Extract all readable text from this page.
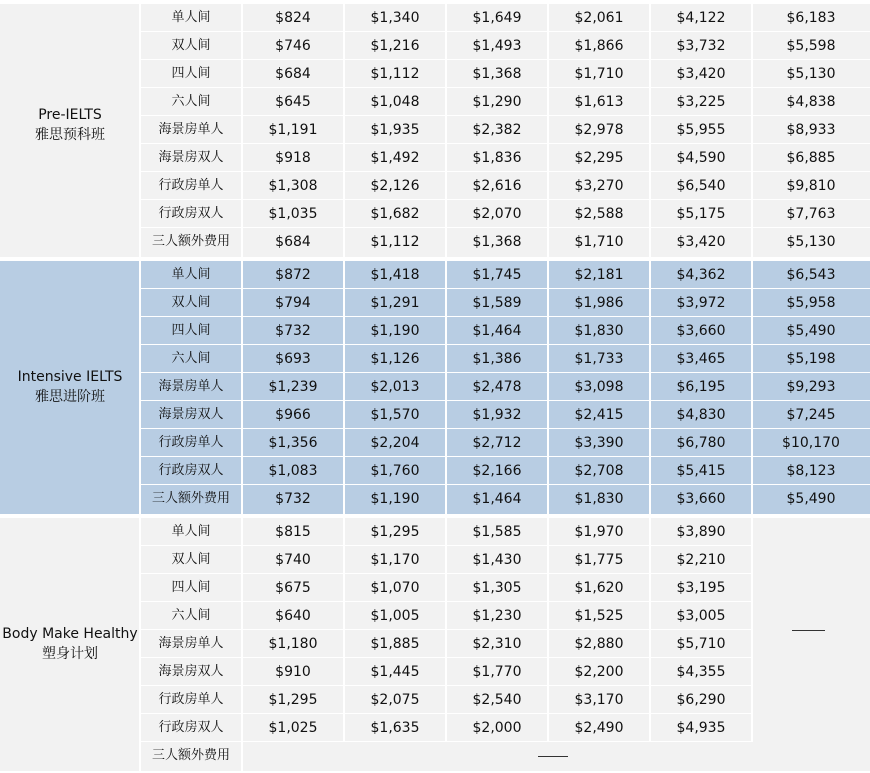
Pre-IELTS
雅思预科班
单人间	$824	$1,340	$1,649	$2,061	$4,122	$6,183
双人间	$746	$1,216	$1,493	$1,866	$3,732	$5,598
四人间	$684	$1,112	$1,368	$1,710	$3,420	$5,130
六人间	$645	$1,048	$1,290	$1,613	$3,225	$4,838
海景房单人	$1,191	$1,935	$2,382	$2,978	$5,955	$8,933
海景房双人	$918	$1,492	$1,836	$2,295	$4,590	$6,885
行政房单人	$1,308	$2,126	$2,616	$3,270	$6,540	$9,810
行政房双人	$1,035	$1,682	$2,070	$2,588	$5,175	$7,763
三人额外费用	$684	$1,112	$1,368	$1,710	$3,420	$5,130
Intensive IELTS
雅思进阶班
单人间	$872	$1,418	$1,745	$2,181	$4,362	$6,543
双人间	$794	$1,291	$1,589	$1,986	$3,972	$5,958
四人间	$732	$1,190	$1,464	$1,830	$3,660	$5,490
六人间	$693	$1,126	$1,386	$1,733	$3,465	$5,198
海景房单人	$1,239	$2,013	$2,478	$3,098	$6,195	$9,293
海景房双人	$966	$1,570	$1,932	$2,415	$4,830	$7,245
行政房单人	$1,356	$2,204	$2,712	$3,390	$6,780	$10,170
行政房双人	$1,083	$1,760	$2,166	$2,708	$5,415	$8,123
三人额外费用	$732	$1,190	$1,464	$1,830	$3,660	$5,490
Body Make Healthy
塑身计划
单人间	$815	$1,295	$1,585	$1,970	$3,890
双人间	$740	$1,170	$1,430	$1,775	$2,210
四人间	$675	$1,070	$1,305	$1,620	$3,195
六人间	$640	$1,005	$1,230	$1,525	$3,005
海景房单人	$1,180	$1,885	$2,310	$2,880	$5,710
海景房双人	$910	$1,445	$1,770	$2,200	$4,355
行政房单人	$1,295	$2,075	$2,540	$3,170	$6,290
行政房双人	$1,025	$1,635	$2,000	$2,490	$4,935
三人额外费用
